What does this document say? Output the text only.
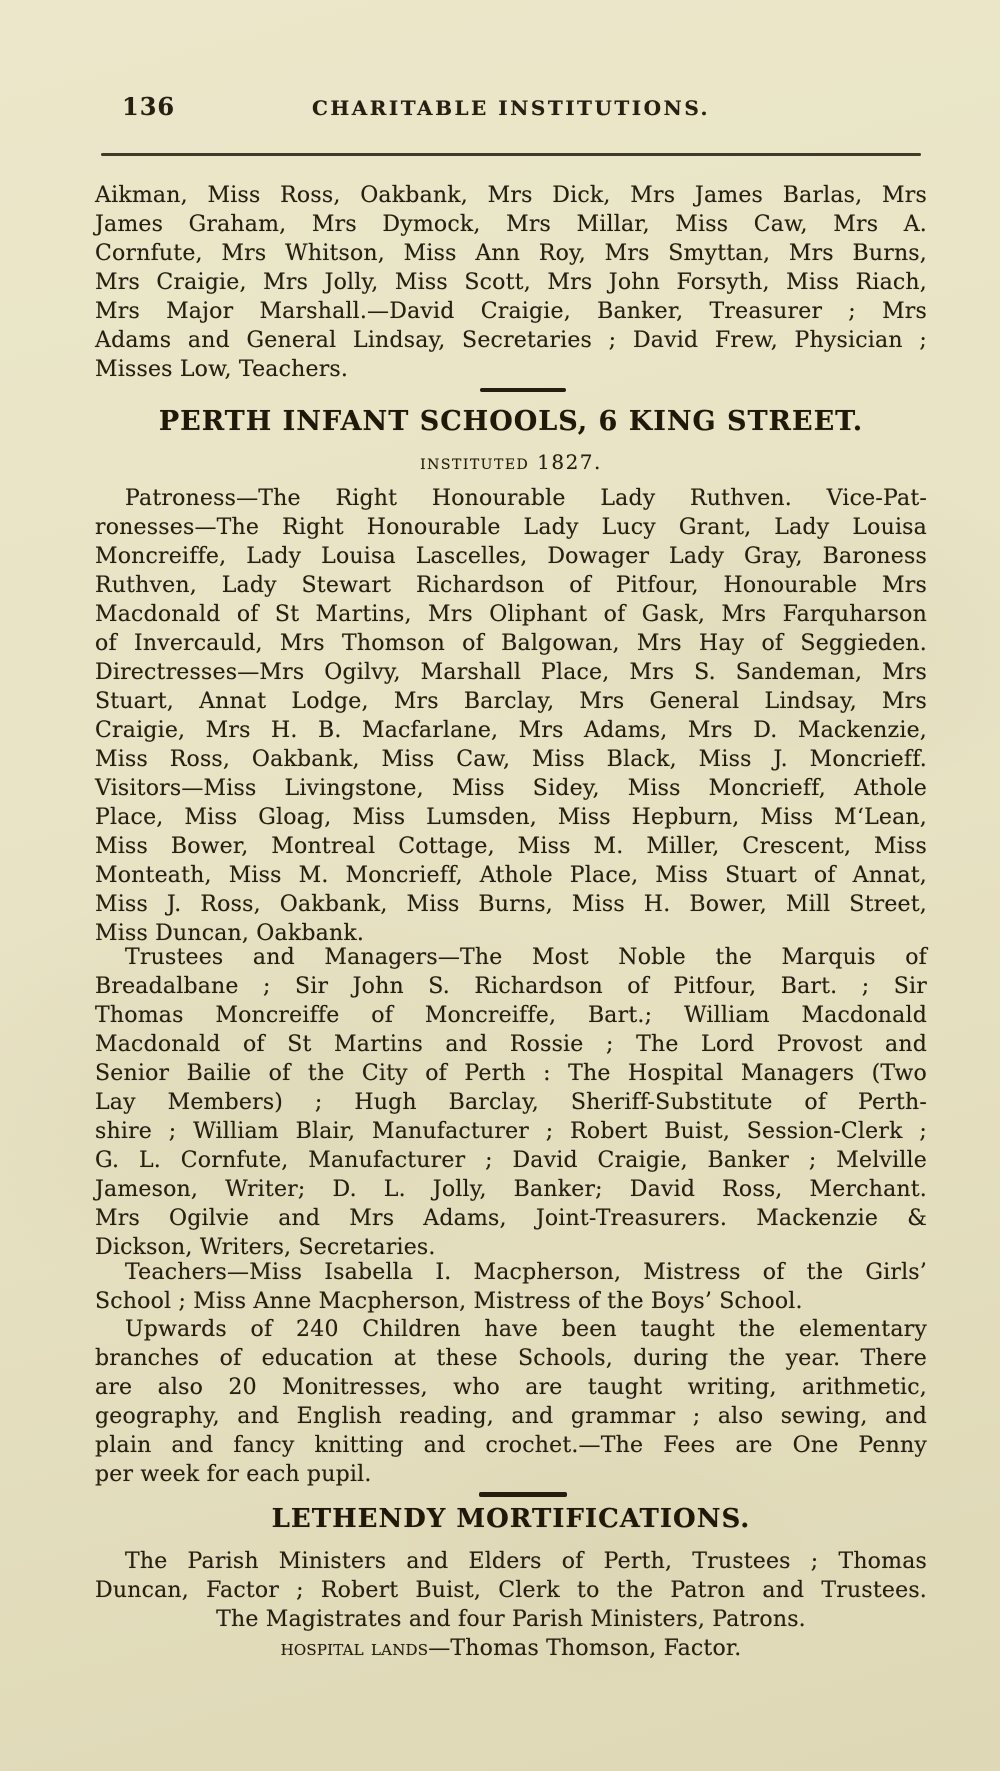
136	CHARITABLE INSTITUTIONS.
Aikman, Miss Ross, Oakbank, Mrs Dick, Mrs James Barlas, Mrs
James Graham, Mrs Dymock, Mrs Millar, Miss Caw, Mrs A.
Cornfute, Mrs Whitson, Miss Ann Roy, Mrs Smyttan, Mrs Burns,
Mrs Craigie, Mrs Jolly, Miss Scott, Mrs John Forsyth, Miss Riach,
Mrs Major Marshall.—David Craigie, Banker, Treasurer ; Mrs
Adams and General Lindsay, Secretaries ; David Frew, Physician ;
Misses Low, Teachers.
PERTH INFANT SCHOOLS, 6 KING STREET.
instituted 1827.
Patroness—The Right Honourable Lady Ruthven. Vice-Pat-
ronesses—The Right Honourable Lady Lucy Grant, Lady Louisa
Moncreiffe, Lady Louisa Lascelles, Dowager Lady Gray, Baroness
Ruthven, Lady Stewart Richardson of Pitfour, Honourable Mrs
Macdonald of St Martins, Mrs Oliphant of Gask, Mrs Farquharson
of Invercauld, Mrs Thomson of Balgowan, Mrs Hay of Seggieden.
Directresses—Mrs Ogilvy, Marshall Place, Mrs S. Sandeman, Mrs
Stuart, Annat Lodge, Mrs Barclay, Mrs General Lindsay, Mrs
Craigie, Mrs H. B. Macfarlane, Mrs Adams, Mrs D. Mackenzie,
Miss Ross, Oakbank, Miss Caw, Miss Black, Miss J. Moncrieff.
Visitors—Miss Livingstone, Miss Sidey, Miss Moncrieff, Athole
Place, Miss Gloag, Miss Lumsden, Miss Hepburn, Miss M‘Lean,
Miss Bower, Montreal Cottage, Miss M. Miller, Crescent, Miss
Monteath, Miss M. Moncrieff, Athole Place, Miss Stuart of Annat,
Miss J. Ross, Oakbank, Miss Burns, Miss H. Bower, Mill Street,
Miss Duncan, Oakbank.
Trustees and Managers—The Most Noble the Marquis of
Breadalbane ; Sir John S. Richardson of Pitfour, Bart. ; Sir
Thomas Moncreiffe of Moncreiffe, Bart.; William Macdonald
Macdonald of St Martins and Rossie ; The Lord Provost and
Senior Bailie of the City of Perth : The Hospital Managers (Two
Lay Members) ; Hugh Barclay, Sheriff-Substitute of Perth-
shire ; William Blair, Manufacturer ; Robert Buist, Session-Clerk ;
G. L. Cornfute, Manufacturer ; David Craigie, Banker ; Melville
Jameson, Writer; D. L. Jolly, Banker; David Ross, Merchant.
Mrs Ogilvie and Mrs Adams, Joint-Treasurers. Mackenzie &
Dickson, Writers, Secretaries.
Teachers—Miss Isabella I. Macpherson, Mistress of the Girls’
School ; Miss Anne Macpherson, Mistress of the Boys’ School.
Upwards of 240 Children have been taught the elementary
branches of education at these Schools, during the year. There
are also 20 Monitresses, who are taught writing, arithmetic,
geography, and English reading, and grammar ; also sewing, and
plain and fancy knitting and crochet.—The Fees are One Penny
per week for each pupil.
LETHENDY MORTIFICATIONS.
The Parish Ministers and Elders of Perth, Trustees ; Thomas
Duncan, Factor ; Robert Buist, Clerk to the Patron and Trustees.
The Magistrates and four Parish Ministers, Patrons.
hospital lands—Thomas Thomson, Factor.
